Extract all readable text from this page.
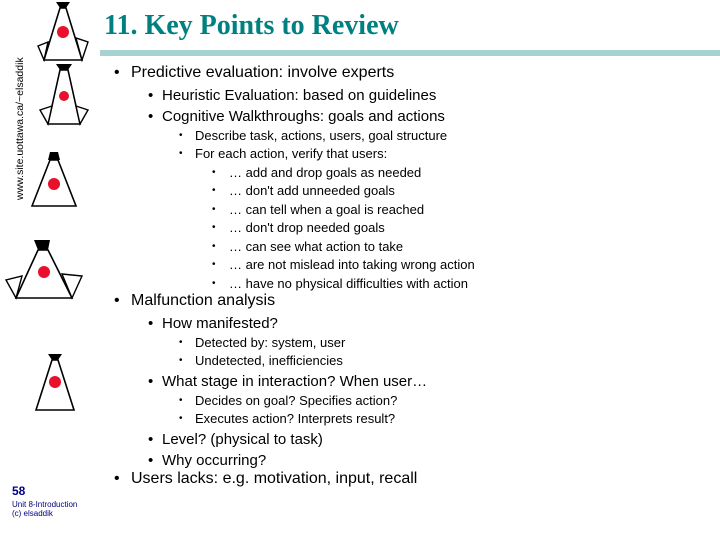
www.site.uottawa.ca/~elsaddik
11. Key Points to Review
• Predictive evaluation: involve experts
• Heuristic Evaluation: based on guidelines
• Cognitive Walkthroughs: goals and actions
• Describe task, actions, users, goal structure
• For each action, verify that users:
• … add and drop goals as needed
• … don't add unneeded goals
• … can tell when a goal is reached
• … don't drop needed goals
• … can see what action to take
• … are not mislead into taking wrong action
• … have no physical difficulties with action
• Malfunction analysis
• How manifested?
• Detected by: system, user
• Undetected, inefficiencies
• What stage in interaction? When user…
• Decides on goal? Specifies action?
• Executes action? Interprets result?
• Level? (physical to task)
• Why occurring?
• Users lacks: e.g. motivation, input, recall
58
Unit 8-Introduction
(c) elsaddik
